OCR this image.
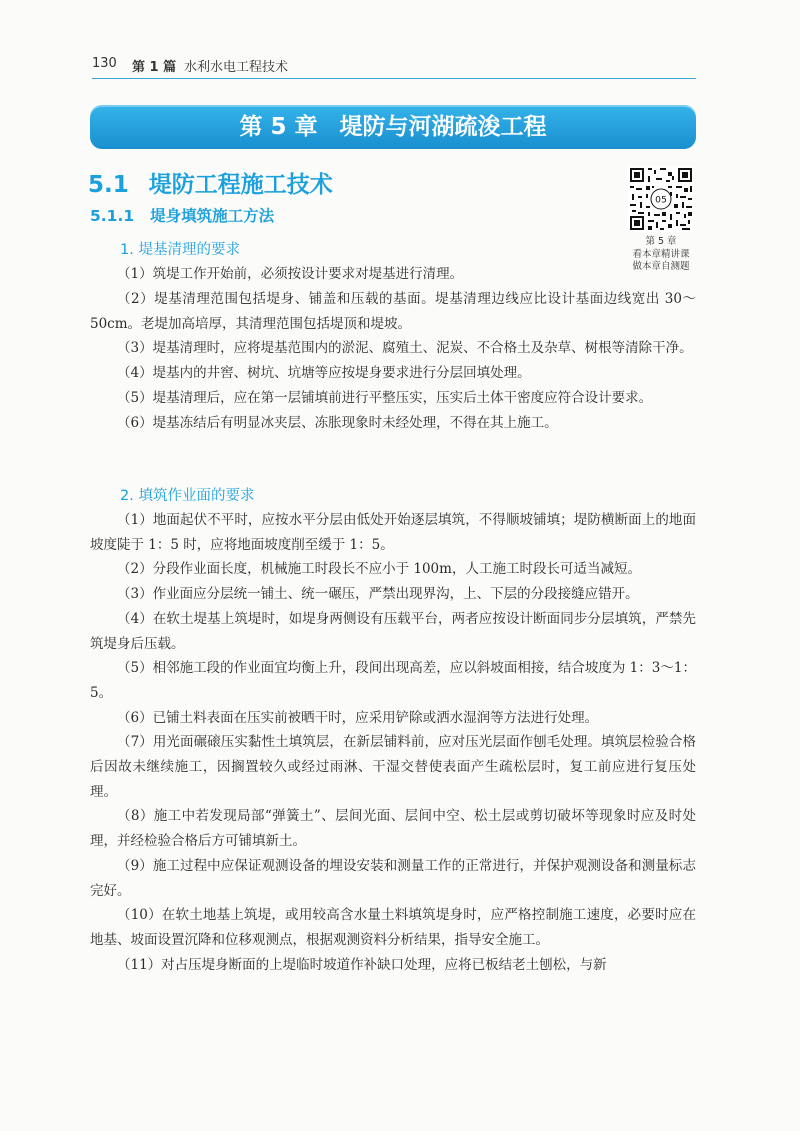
130 第 1 篇 水利水电工程技术
第 5 章 堤防与河湖疏浚工程
5.1 堤防工程施工技术
5.1.1 堤身填筑施工方法
05
第 5 章
看本章精讲课
做本章自测题
1. 堤基清理的要求

（1）筑堤工作开始前，必须按设计要求对堤基进行清理。

（2）堤基清理范围包括堤身、铺盖和压载的基面。堤基清理边线应比设计基面边线宽出 30～50cm。老堤加高培厚，其清理范围包括堤顶和堤坡。

（3）堤基清理时，应将堤基范围内的淤泥、腐殖土、泥炭、不合格土及杂草、树根等清除干净。

（4）堤基内的井窖、树坑、坑塘等应按堤身要求进行分层回填处理。

（5）堤基清理后，应在第一层铺填前进行平整压实，压实后土体干密度应符合设计要求。

（6）堤基冻结后有明显冰夹层、冻胀现象时未经处理，不得在其上施工。

2. 填筑作业面的要求

（1）地面起伏不平时，应按水平分层由低处开始逐层填筑，不得顺坡铺填；堤防横断面上的地面坡度陡于 1：5 时，应将地面坡度削至缓于 1：5。

（2）分段作业面长度，机械施工时段长不应小于 100m，人工施工时段长可适当减短。

（3）作业面应分层统一铺土、统一碾压，严禁出现界沟，上、下层的分段接缝应错开。

（4）在软土堤基上筑堤时，如堤身两侧设有压载平台，两者应按设计断面同步分层填筑，严禁先筑堤身后压载。

（5）相邻施工段的作业面宜均衡上升，段间出现高差，应以斜坡面相接，结合坡度为 1：3～1：5。

（6）已铺土料表面在压实前被晒干时，应采用铲除或洒水湿润等方法进行处理。

（7）用光面碾磙压实黏性土填筑层，在新层铺料前，应对压光层面作刨毛处理。填筑层检验合格后因故未继续施工，因搁置较久或经过雨淋、干湿交替使表面产生疏松层时，复工前应进行复压处理。

（8）施工中若发现局部“弹簧土”、层间光面、层间中空、松土层或剪切破坏等现象时应及时处理，并经检验合格后方可铺填新土。

（9）施工过程中应保证观测设备的埋设安装和测量工作的正常进行，并保护观测设备和测量标志完好。

（10）在软土地基上筑堤，或用较高含水量土料填筑堤身时，应严格控制施工速度，必要时应在地基、坡面设置沉降和位移观测点，根据观测资料分析结果，指导安全施工。

（11）对占压堤身断面的上堤临时坡道作补缺口处理，应将已板结老土刨松，与新
